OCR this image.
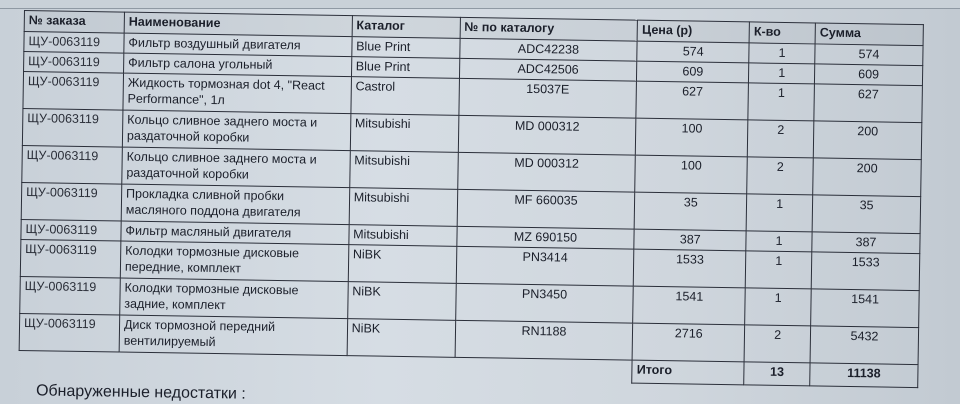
№ заказа	Наименование	Каталог	№ по каталогу	Цена (р)	К-во	Сумма
ЩУ-0063119	Фильтр воздушный двигателя	Blue Print	ADC42238	574	1	574
ЩУ-0063119	Фильтр салона угольный	Blue Print	ADC42506	609	1	609
ЩУ-0063119	Жидкость тормозная dot 4, "React Performance", 1л	Castrol	15037E	627	1	627
ЩУ-0063119	Кольцо сливное заднего моста и раздаточной коробки	Mitsubishi	MD 000312	100	2	200
ЩУ-0063119	Кольцо сливное заднего моста и раздаточной коробки	Mitsubishi	MD 000312	100	2	200
ЩУ-0063119	Прокладка сливной пробки масляного поддона двигателя	Mitsubishi	MF 660035	35	1	35
ЩУ-0063119	Фильтр масляный двигателя	Mitsubishi	MZ 690150	387	1	387
ЩУ-0063119	Колодки тормозные дисковые передние, комплект	NiBK	PN3414	1533	1	1533
ЩУ-0063119	Колодки тормозные дисковые задние, комплект	NiBK	PN3450	1541	1	1541
ЩУ-0063119	Диск тормозной передний вентилируемый	NiBK	RN1188	2716	2	5432
				Итого	13	11138
Обнаруженные недостатки :
